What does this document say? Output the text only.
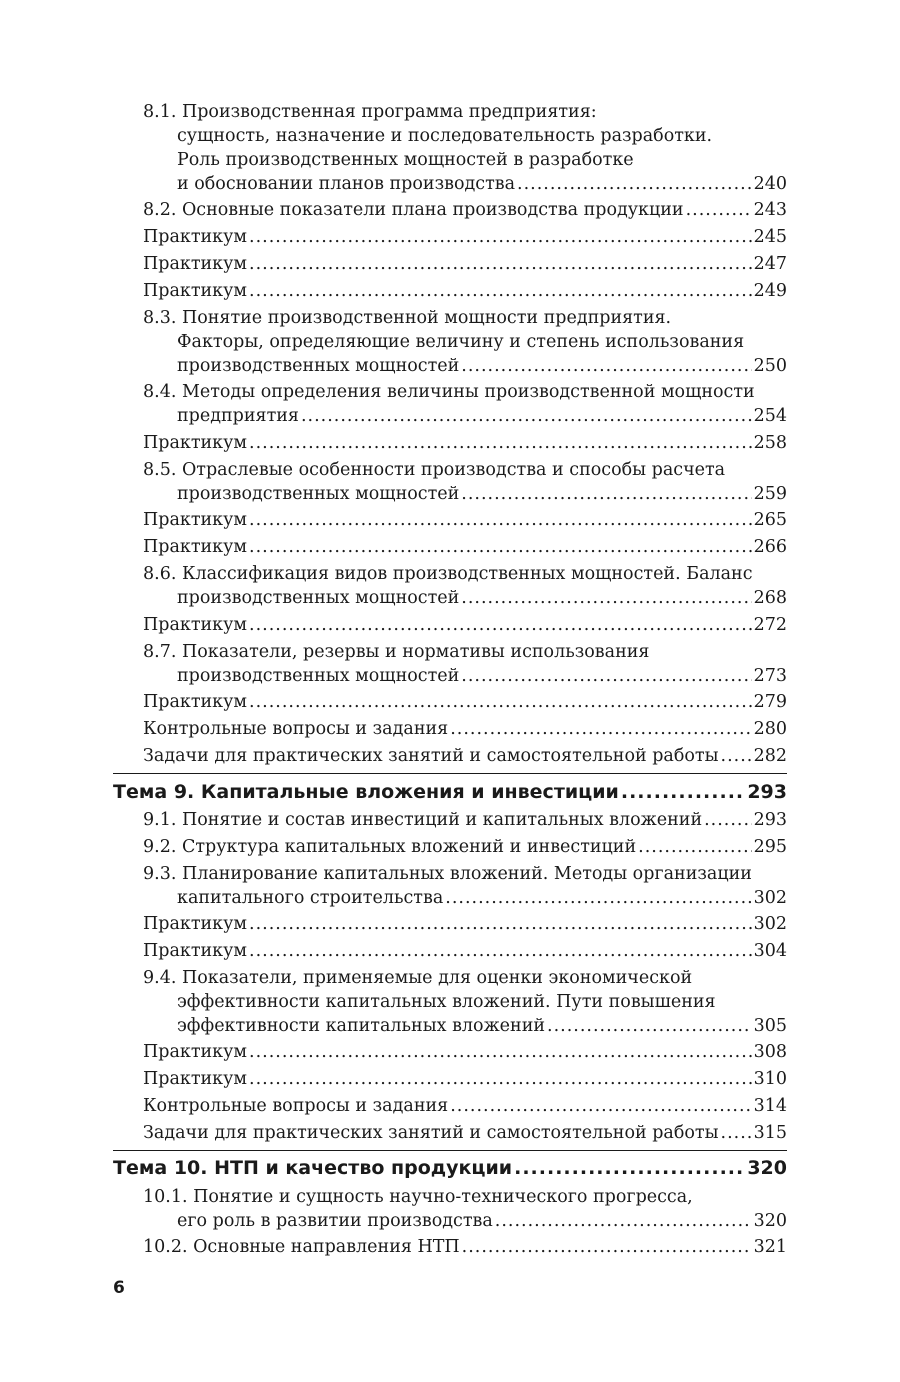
8.1. Производственная программа предприятия:
сущность, назначение и последовательность разработки.
Роль производственных мощностей в разработке
и обосновании планов производства .....	240
8.2. Основные показатели плана производства продукции .....	243
Практикум .....	245
Практикум .....	247
Практикум .....	249
8.3. Понятие производственной мощности предприятия.
Факторы, определяющие величину и степень использования
производственных мощностей .....	250
8.4. Методы определения величины производственной мощности
предприятия .....	254
Практикум .....	258
8.5. Отраслевые особенности производства и способы расчета
производственных мощностей .....	259
Практикум .....	265
Практикум .....	266
8.6. Классификация видов производственных мощностей. Баланс
производственных мощностей .....	268
Практикум .....	272
8.7. Показатели, резервы и нормативы использования
производственных мощностей .....	273
Практикум .....	279
Контрольные вопросы и задания .....	280
Задачи для практических занятий и самостоятельной работы ..... 282
Тема 9. Капитальные вложения и инвестиции .....	293
9.1. Понятие и состав инвестиций и капитальных вложений .....	293
9.2. Структура капитальных вложений и инвестиций .....	295
9.3. Планирование капитальных вложений. Методы организации
капитального строительства .....	302
Практикум .....	302
Практикум .....	304
9.4. Показатели, применяемые для оценки экономической
эффективности капитальных вложений. Пути повышения
эффективности капитальных вложений .....	305
Практикум .....	308
Практикум .....	310
Контрольные вопросы и задания .....	314
Задачи для практических занятий и самостоятельной работы ..... 315
Тема 10. НТП и качество продукции .....	320
10.1. Понятие и сущность научно-технического прогресса,
его роль в развитии производства .....	320
10.2. Основные направления НТП .....	321
6
